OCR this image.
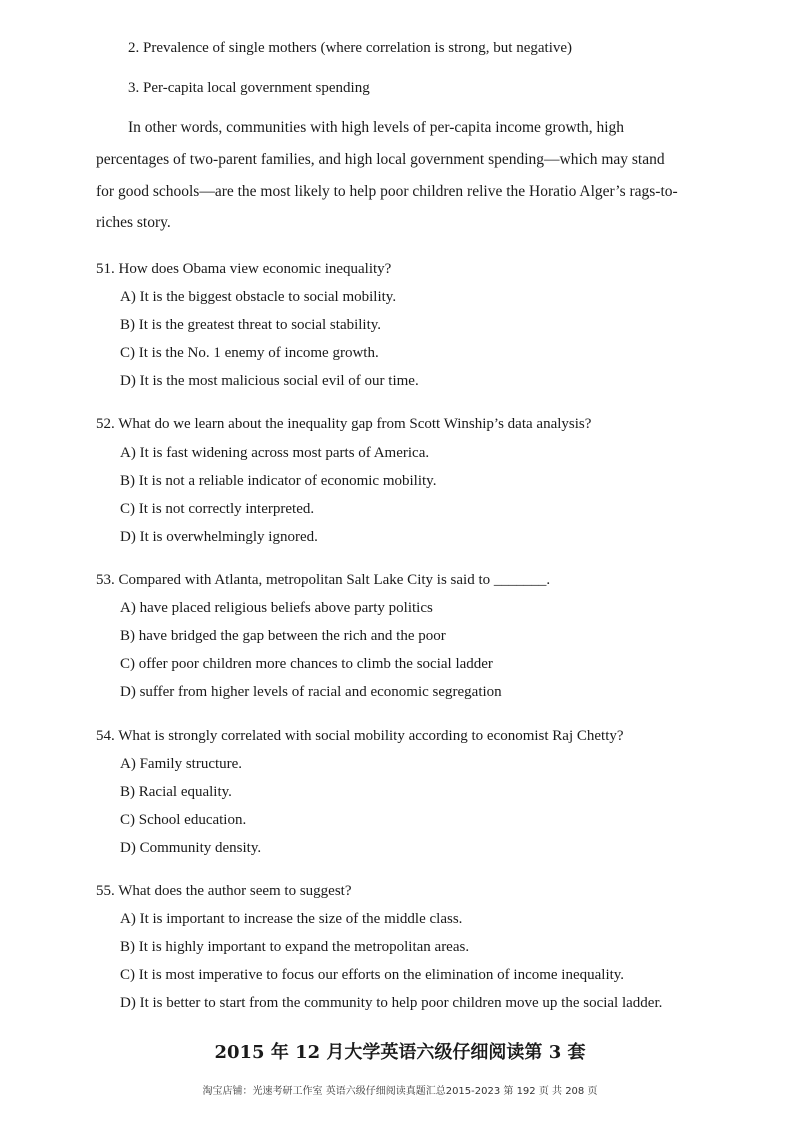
2. Prevalence of single mothers (where correlation is strong, but negative)
3. Per-capita local government spending
In other words, communities with high levels of per-capita income growth, high
percentages of two-parent families, and high local government spending—which may stand
for good schools—are the most likely to help poor children relive the Horatio Alger’s rags-to-
riches story.
51. How does Obama view economic inequality?
A) It is the biggest obstacle to social mobility.
B) It is the greatest threat to social stability.
C) It is the No. 1 enemy of income growth.
D) It is the most malicious social evil of our time.
52. What do we learn about the inequality gap from Scott Winship’s data analysis?
A) It is fast widening across most parts of America.
B) It is not a reliable indicator of economic mobility.
C) It is not correctly interpreted.
D) It is overwhelmingly ignored.
53. Compared with Atlanta, metropolitan Salt Lake City is said to _______.
A) have placed religious beliefs above party politics
B) have bridged the gap between the rich and the poor
C) offer poor children more chances to climb the social ladder
D) suffer from higher levels of racial and economic segregation
54. What is strongly correlated with social mobility according to economist Raj Chetty?
A) Family structure.
B) Racial equality.
C) School education.
D) Community density.
55. What does the author seem to suggest?
A) It is important to increase the size of the middle class.
B) It is highly important to expand the metropolitan areas.
C) It is most imperative to focus our efforts on the elimination of income inequality.
D) It is better to start from the community to help poor children move up the social ladder.
2015 年 12 月大学英语六级仔细阅读第 3 套
淘宝店铺：光速考研工作室 英语六级仔细阅读真题汇总2015-2023 第 192 页 共 208 页
